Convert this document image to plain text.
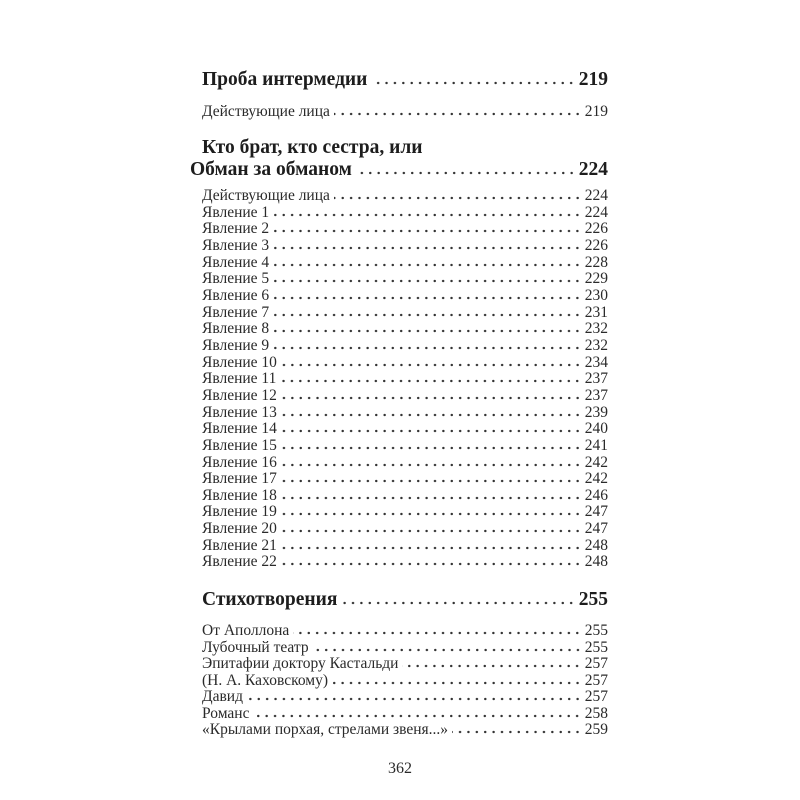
Проба интермедии	219
Действующие лица	219
Кто брат, кто сестра, или
Обман за обманом	224
Действующие лица	224
Явление 1	224
Явление 2	226
Явление 3	226
Явление 4	228
Явление 5	229
Явление 6	230
Явление 7	231
Явление 8	232
Явление 9	232
Явление 10	234
Явление 11	237
Явление 12	237
Явление 13	239
Явление 14	240
Явление 15	241
Явление 16	242
Явление 17	242
Явление 18	246
Явление 19	247
Явление 20	247
Явление 21	248
Явление 22	248
Стихотворения	255
От Аполлона	255
Лубочный театр	255
Эпитафии доктору Кастальди	257
(Н. А. Каховскому)	257
Давид	257
Романс	258
«Крылами порхая, стрелами звеня...»	259
362
